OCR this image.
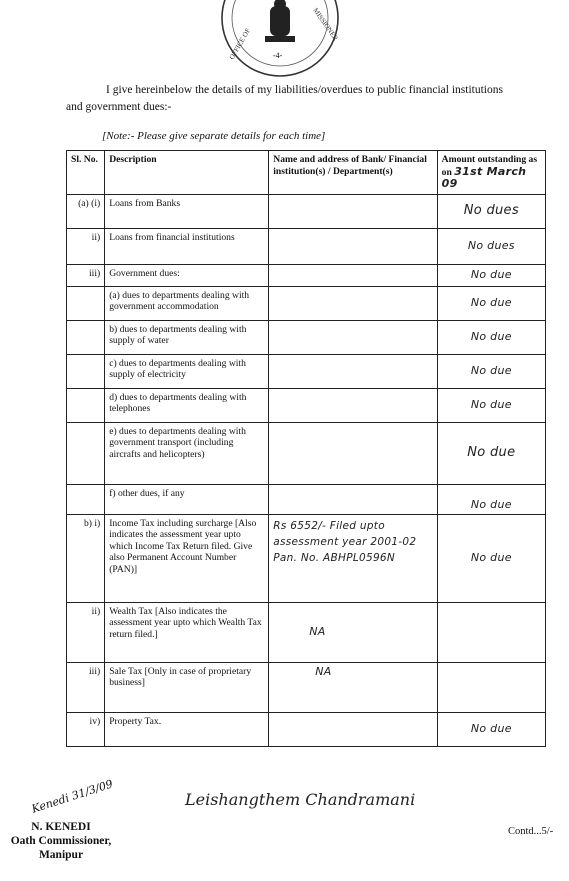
OFFICE OF
MISSIONER
-4-
I give hereinbelow the details of my liabilities/overdues to public financial institutions
and government dues:-
[Note:- Please give separate details for each time]
Sl. No.	Description	Name and address of Bank/ Financial institution(s) / Department(s)	Amount outstanding as on 31st March 09
(a) (i)	Loans from Banks		No dues
ii)	Loans from financial institutions		No dues
iii)	Government dues:		No due
	(a) dues to departments dealing with government accommodation		No due
	b) dues to departments dealing with supply of water		No due
	c) dues to departments dealing with supply of electricity		No due
	d) dues to departments dealing with telephones		No due
	e) dues to departments dealing with government transport (including aircrafts and helicopters)		No due
	f) other dues, if any		No due
b) i)	Income Tax including surcharge [Also indicates the assessment year upto which Income Tax Return filed. Give also Permanent Account Number (PAN)]	Rs 6552/- Filed upto
assessment year 2001-02
Pan. No. ABHPL0596N	No due
ii)	Wealth Tax [Also indicates the assessment year upto which Wealth Tax return filed.]	NA	
iii)	Sale Tax [Only in case of proprietary business]	NA	
iv)	Property Tax.		No due
Leishangthem Chandramani
Kenedi 31/3/09
N. KENEDI
Oath Commissioner,
Manipur
Contd...5/-
